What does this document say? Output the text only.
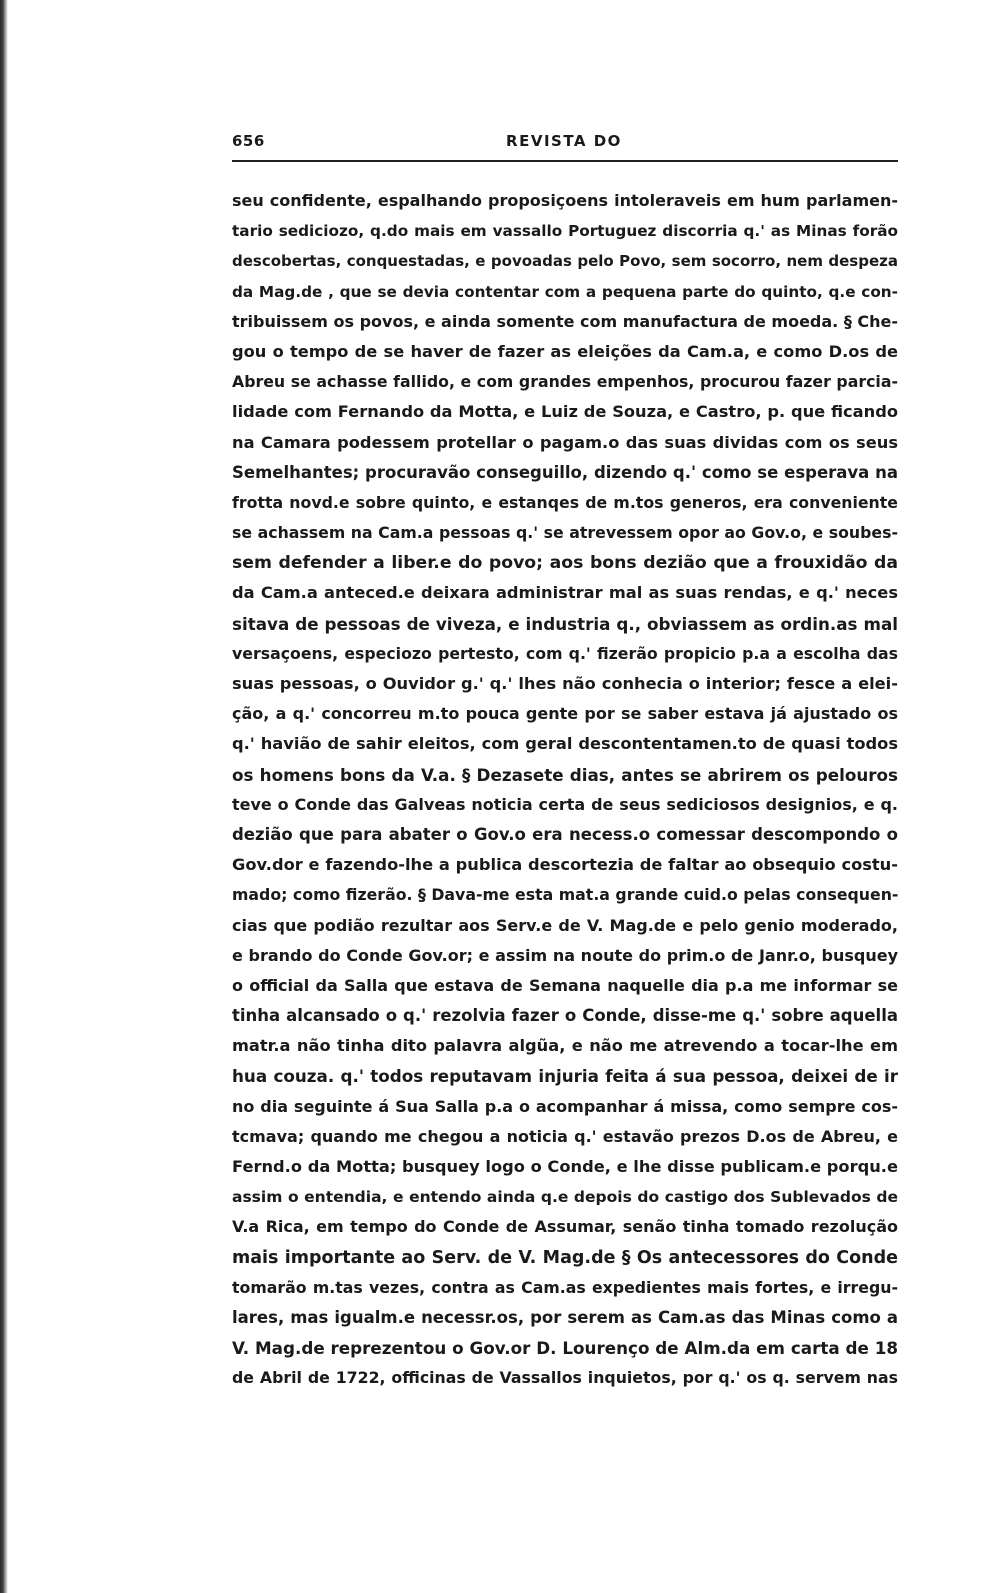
656	REVISTA DO
seu confidente, espalhando proposiçoens intoleraveis em hum parlamen-
tario sediciozo, q.do mais em vassallo Portuguez discorria q.' as Minas forão
descobertas, conquestadas, e povoadas pelo Povo, sem socorro, nem despeza
da Mag.de , que se devia contentar com a pequena parte do quinto, q.e con-
tribuissem os povos, e ainda somente com manufactura de moeda. § Che-
gou o tempo de se haver de fazer as eleições da Cam.a, e como D.os de
Abreu se achasse fallido, e com grandes empenhos, procurou fazer parcia-
lidade com Fernando da Motta, e Luiz de Souza, e Castro, p. que ficando
na Camara podessem protellar o pagam.o das suas dividas com os seus
Semelhantes; procuravão conseguillo, dizendo q.' como se esperava na
frotta novd.e sobre quinto, e estanqes de m.tos generos, era conveniente
se achassem na Cam.a pessoas q.' se atrevessem opor ao Gov.o, e soubes-
sem defender a liber.e do povo; aos bons dezião que a frouxidão da
da Cam.a anteced.e deixara administrar mal as suas rendas, e q.' neces
sitava de pessoas de viveza, e industria q., obviassem as ordin.as mal
versaçoens, especiozo pertesto, com q.' fizerão propicio p.a a escolha das
suas pessoas, o Ouvidor g.' q.' lhes não conhecia o interior; fesce a elei-
ção, a q.' concorreu m.to pouca gente por se saber estava já ajustado os
q.' havião de sahir eleitos, com geral descontentamen.to de quasi todos
os homens bons da V.a. § Dezasete dias, antes se abrirem os pelouros
teve o Conde das Galveas noticia certa de seus sediciosos designios, e q.
dezião que para abater o Gov.o era necess.o comessar descompondo o
Gov.dor e fazendo-lhe a publica descortezia de faltar ao obsequio costu-
mado; como fizerão. § Dava-me esta mat.a grande cuid.o pelas consequen-
cias que podião rezultar aos Serv.e de V. Mag.de e pelo genio moderado,
e brando do Conde Gov.or; e assim na noute do prim.o de Janr.o, busquey
o official da Salla que estava de Semana naquelle dia p.a me informar se
tinha alcansado o q.' rezolvia fazer o Conde, disse-me q.' sobre aquella
matr.a não tinha dito palavra algũa, e não me atrevendo a tocar-lhe em
hua couza. q.' todos reputavam injuria feita á sua pessoa, deixei de ir
no dia seguinte á Sua Salla p.a o acompanhar á missa, como sempre cos-
tcmava; quando me chegou a noticia q.' estavão prezos D.os de Abreu, e
Fernd.o da Motta; busquey logo o Conde, e lhe disse publicam.e porqu.e
assim o entendia, e entendo ainda q.e depois do castigo dos Sublevados de
V.a Rica, em tempo do Conde de Assumar, senão tinha tomado rezolução
mais importante ao Serv. de V. Mag.de § Os antecessores do Conde
tomarão m.tas vezes, contra as Cam.as expedientes mais fortes, e irregu-
lares, mas igualm.e necessr.os, por serem as Cam.as das Minas como a
V. Mag.de reprezentou o Gov.or D. Lourenço de Alm.da em carta de 18
de Abril de 1722, officinas de Vassallos inquietos, por q.' os q. servem nas
